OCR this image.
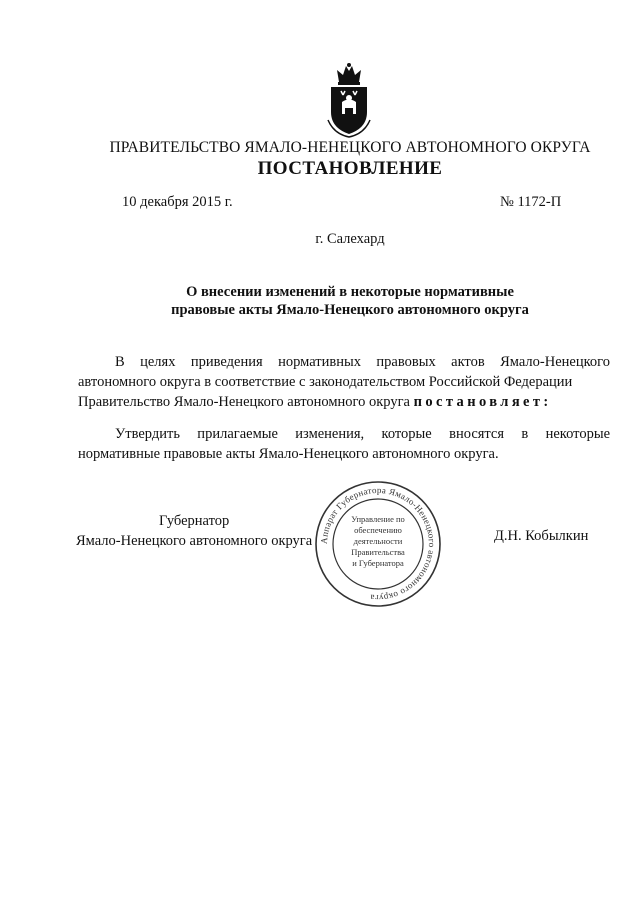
ПРАВИТЕЛЬСТВО ЯМАЛО-НЕНЕЦКОГО АВТОНОМНОГО ОКРУГА
ПОСТАНОВЛЕНИЕ
10 декабря 2015 г.	№ 1172-П
г. Салехард
О внесении изменений в некоторые нормативные
правовые акты Ямало-Ненецкого автономного округа
В целях приведения нормативных правовых актов Ямало-Ненецкого
автономного округа в соответствие с законодательством Российской Федерации
Правительство Ямало-Ненецкого автономного округа постановляет:
Утвердить прилагаемые изменения, которые вносятся в некоторые
нормативные правовые акты Ямало-Ненецкого автономного округа.
Губернатор
Ямало-Ненецкого автономного округа	Д.Н. Кобылкин
Аппарат Губернатора Ямало-Ненецкого автономного округа
Управление по
обеспечению
деятельности
Правительства
и Губернатора
